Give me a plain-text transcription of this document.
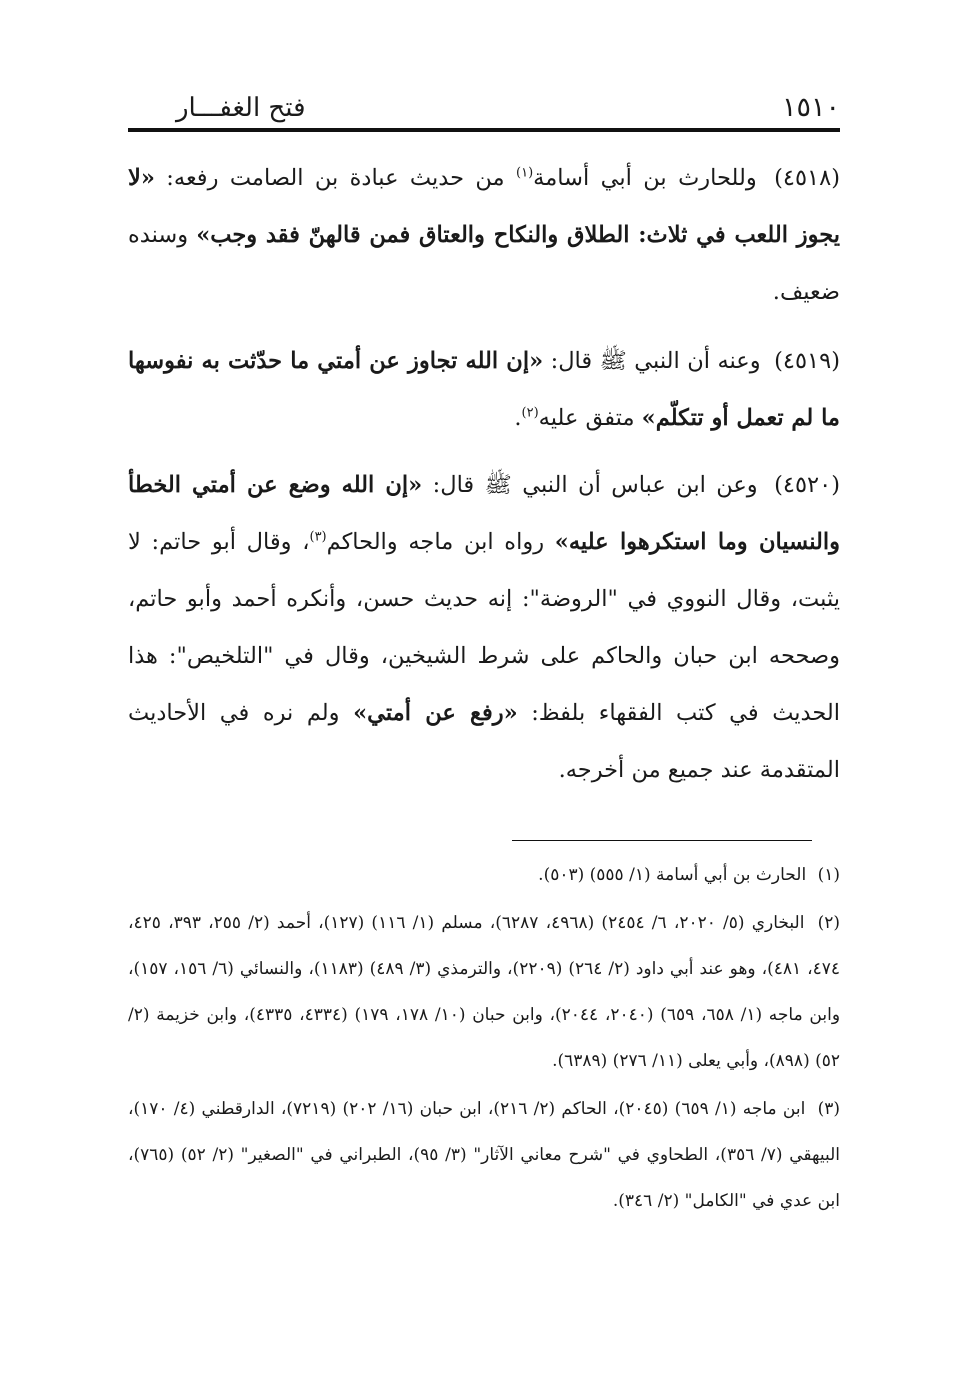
١٥١٠
فتح الغفـــار

(٤٥١٨) وللحارث بن أبي أسامة$^{(١)}$ من حديث عبادة بن الصامت رفعه: «لا يجوز اللعب في ثلاث: الطلاق والنكاح والعتاق فمن قالهنّ فقد وجب» وسنده ضعيف.

(٤٥١٩) وعنه أن النبي ﷺ قال: «إن الله تجاوز عن أمتي ما حدّثت به نفوسها ما لم تعمل أو تتكلّم» متفق عليه$^{(٢)}$.

(٤٥٢٠) وعن ابن عباس أن النبي ﷺ قال: «إن الله وضع عن أمتي الخطأ والنسيان وما استكرهوا عليه» رواه ابن ماجه والحاكم$^{(٣)}$، وقال أبو حاتم: لا يثبت، وقال النووي في "الروضة": إنه حديث حسن، وأنكره أحمد وأبو حاتم، وصححه ابن حبان والحاكم على شرط الشيخين، وقال في "التلخيص": هذا الحديث في كتب الفقهاء بلفظ: «رفع عن أمتي» ولم نره في الأحاديث المتقدمة عند جميع من أخرجه.

(١) الحارث بن أبي أسامة (١/ ٥٥٥) (٥٠٣).

(٢) البخاري (٥/ ٢٠٢٠، ٦/ ٢٤٥٤) (٤٩٦٨، ٦٢٨٧)، مسلم (١/ ١١٦) (١٢٧)، أحمد (٢/ ٢٥٥، ٣٩٣، ٤٢٥، ٤٧٤، ٤٨١)، وهو عند أبي داود (٢/ ٢٦٤) (٢٢٠٩)، والترمذي (٣/ ٤٨٩) (١١٨٣)، والنسائي (٦/ ١٥٦، ١٥٧)، وابن ماجه (١/ ٦٥٨، ٦٥٩) (٢٠٤٠، ٢٠٤٤)، وابن حبان (١٠/ ١٧٨، ١٧٩) (٤٣٣٤، ٤٣٣٥)، وابن خزيمة (٢/ ٥٢) (٨٩٨)، وأبي يعلى (١١/ ٢٧٦) (٦٣٨٩).

(٣) ابن ماجه (١/ ٦٥٩) (٢٠٤٥)، الحاكم (٢/ ٢١٦)، ابن حبان (١٦/ ٢٠٢) (٧٢١٩)، الدارقطني (٤/ ١٧٠)، البيهقي (٧/ ٣٥٦)، الطحاوي في "شرح معاني الآثار" (٣/ ٩٥)، الطبراني في "الصغير" (٢/ ٥٢) (٧٦٥)، ابن عدي في "الكامل" (٢/ ٣٤٦).
